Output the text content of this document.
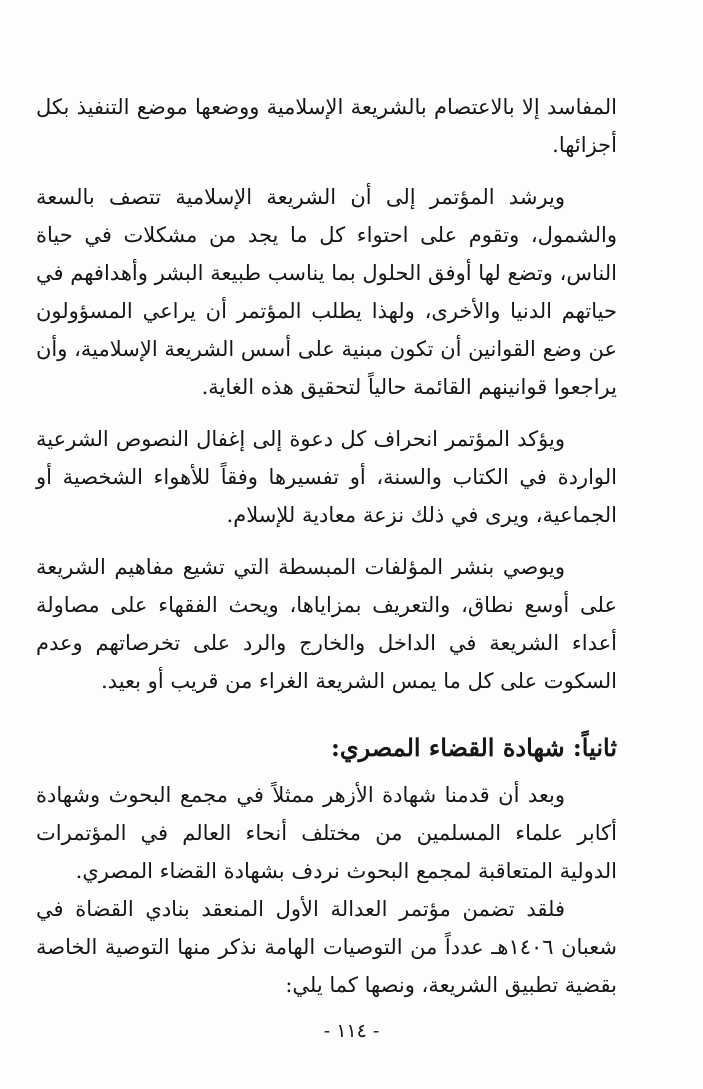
المفاسد إلا بالاعتصام بالشريعة الإسلامية ووضعها موضع التنفيذ بكل أجزائها.

ويرشد المؤتمر إلى أن الشريعة الإسلامية تتصف بالسعة والشمول، وتقوم على احتواء كل ما يجد من مشكلات في حياة الناس، وتضع لها أوفق الحلول بما يناسب طبيعة البشر وأهدافهم في حياتهم الدنيا والأخرى، ولهذا يطلب المؤتمر أن يراعي المسؤولون عن وضع القوانين أن تكون مبنية على أسس الشريعة الإسلامية، وأن يراجعوا قوانينهم القائمة حالياً لتحقيق هذه الغاية.

ويؤكد المؤتمر انحراف كل دعوة إلى إغفال النصوص الشرعية الواردة في الكتاب والسنة، أو تفسيرها وفقاً للأهواء الشخصية أو الجماعية، ويرى في ذلك نزعة معادية للإسلام.

ويوصي بنشر المؤلفات المبسطة التي تشيع مفاهيم الشريعة على أوسع نطاق، والتعريف بمزاياها، ويحث الفقهاء على مصاولة أعداء الشريعة في الداخل والخارج والرد على تخرصاتهم وعدم السكوت على كل ما يمس الشريعة الغراء من قريب أو بعيد.

ثانياً: شهادة القضاء المصري:

وبعد أن قدمنا شهادة الأزهر ممثلاً في مجمع البحوث وشهادة أكابر علماء المسلمين من مختلف أنحاء العالم في المؤتمرات الدولية المتعاقبة لمجمع البحوث نردف بشهادة القضاء المصري.

فلقد تضمن مؤتمر العدالة الأول المنعقد بنادي القضاة في شعبان ١٤٠٦هـ عدداً من التوصيات الهامة نذكر منها التوصية الخاصة بقضية تطبيق الشريعة، ونصها كما يلي:

- ١١٤ -
